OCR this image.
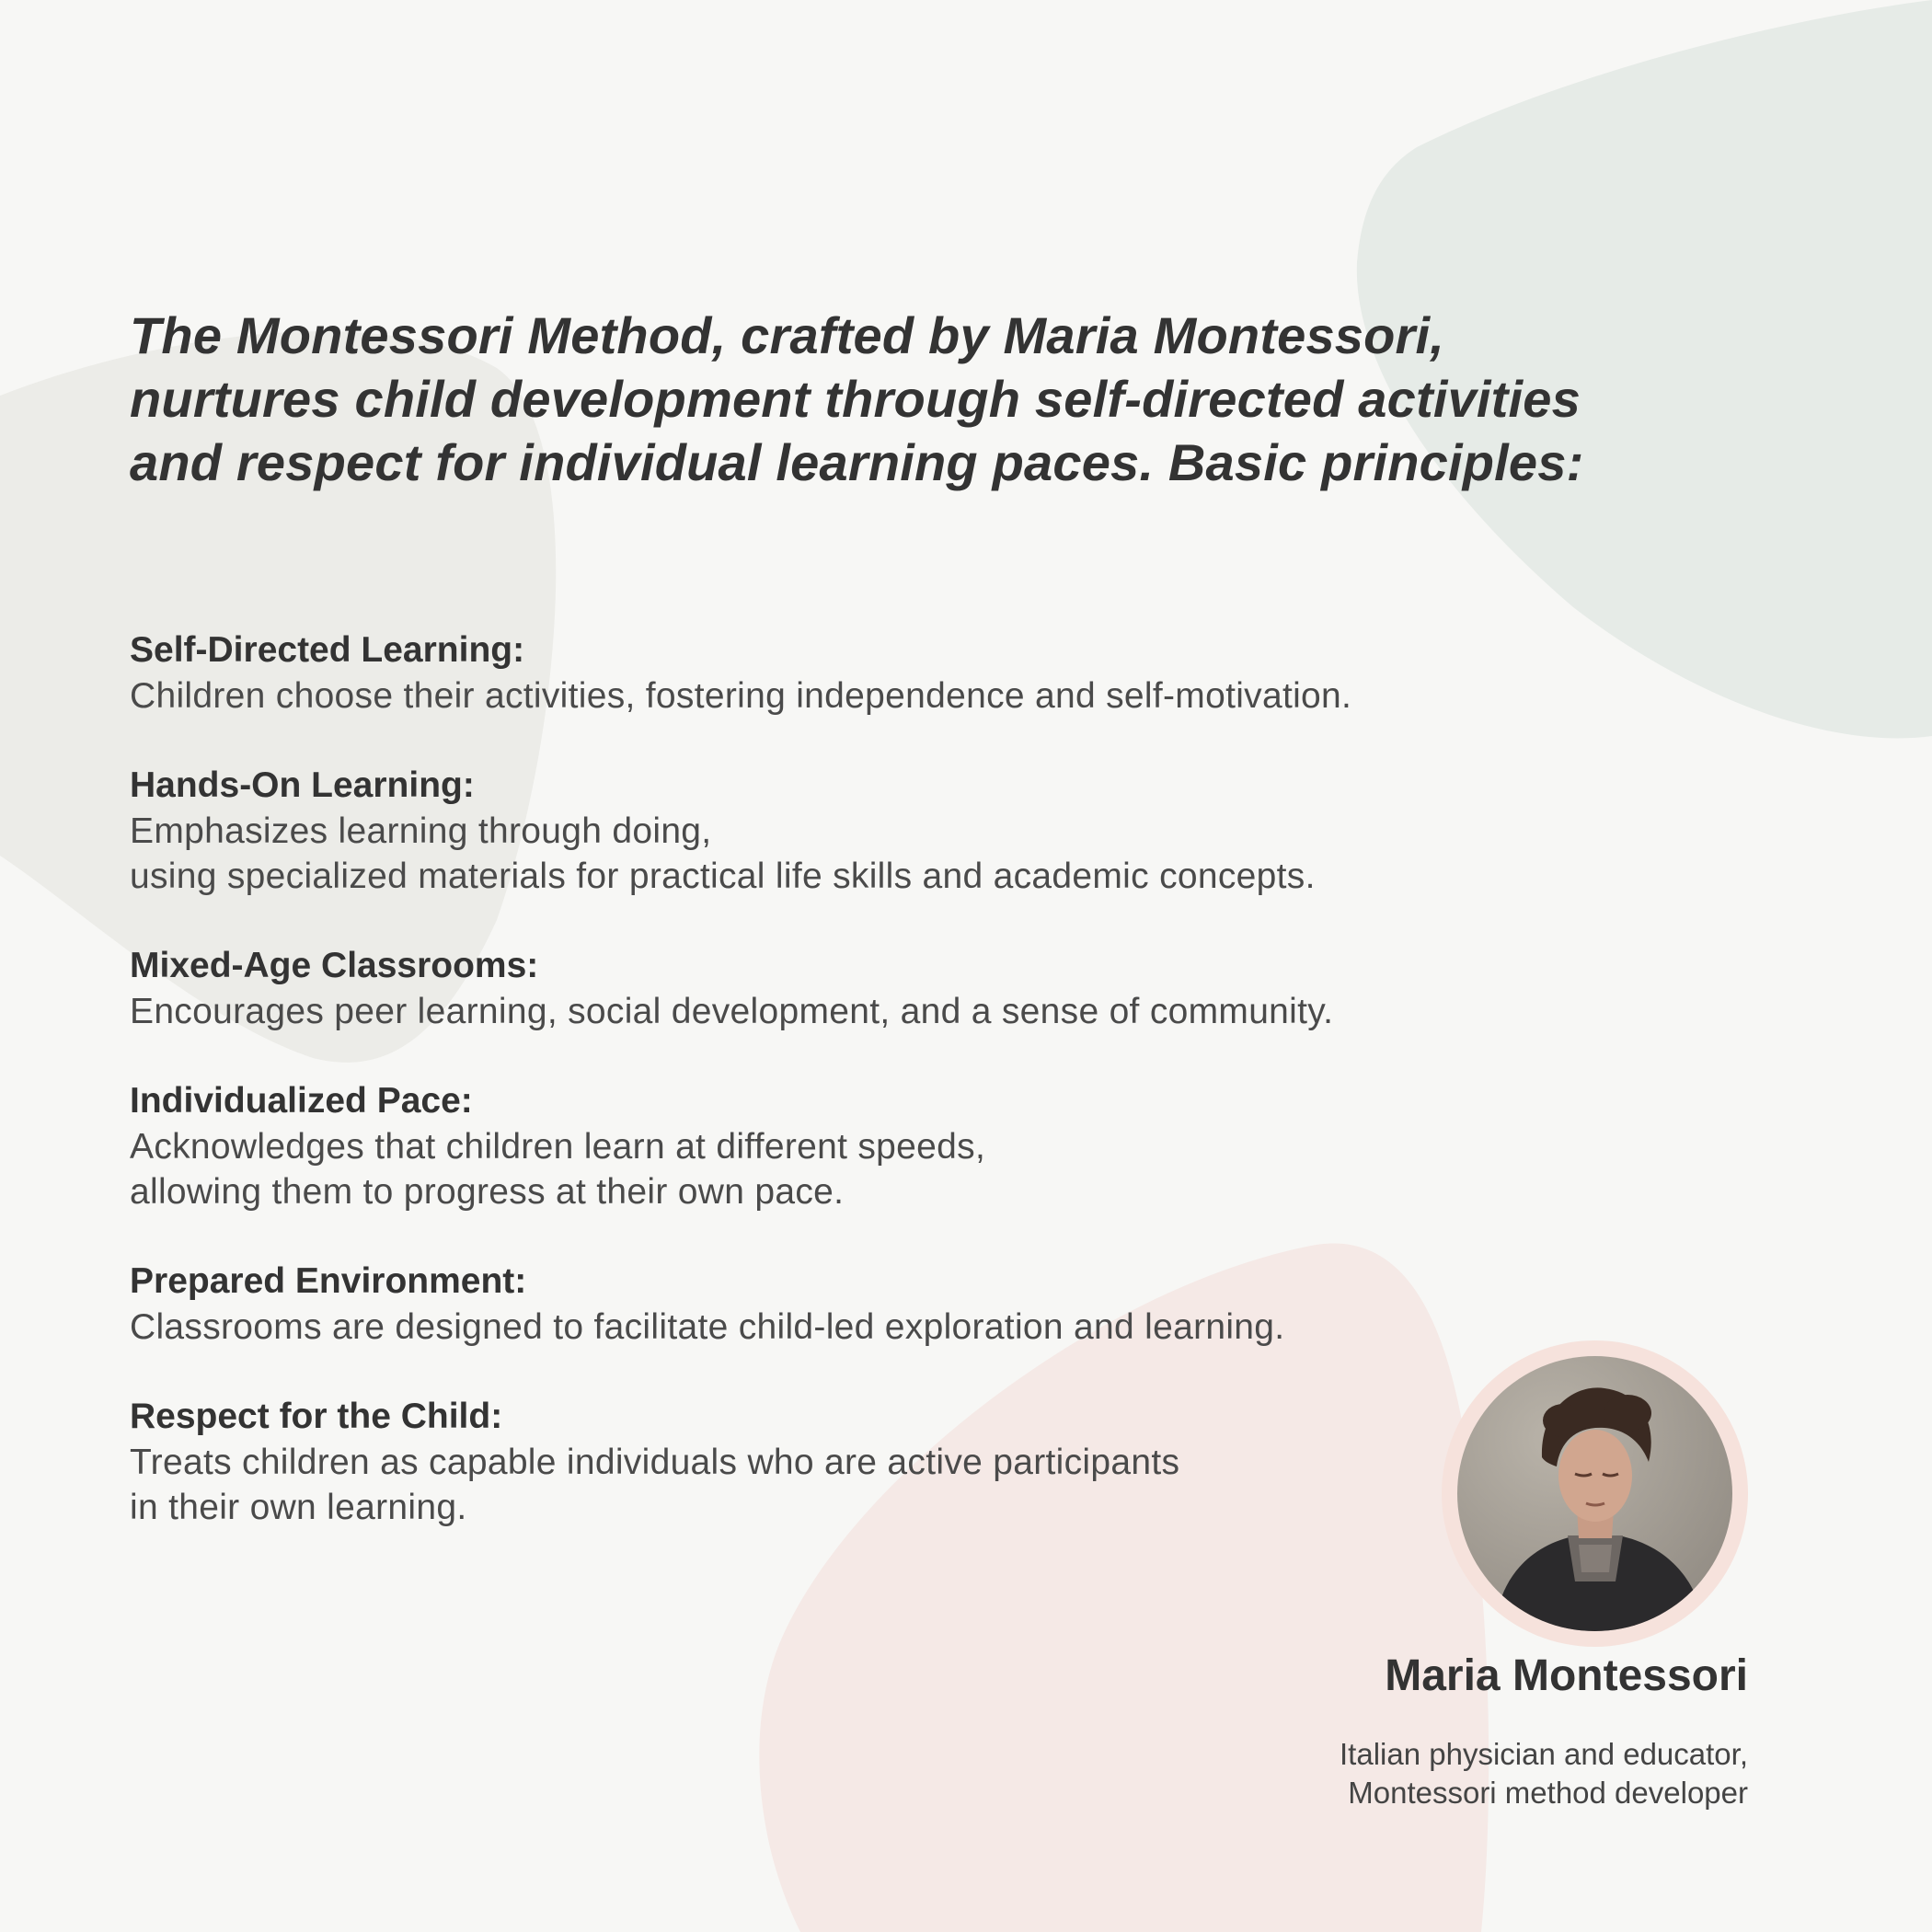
The Montessori Method, crafted by Maria Montessori,
nurtures child development through self-directed activities
and respect for individual learning paces. Basic principles:
Self-Directed Learning:
Children choose their activities, fostering independence and self-motivation.
Hands-On Learning:
Emphasizes learning through doing,
using specialized materials for practical life skills and academic concepts.
Mixed-Age Classrooms:
Encourages peer learning, social development, and a sense of community.
Individualized Pace:
Acknowledges that children learn at different speeds,
allowing them to progress at their own pace.
Prepared Environment:
Classrooms are designed to facilitate child-led exploration and learning.
Respect for the Child:
Treats children as capable individuals who are active participants
in their own learning.
Maria Montessori
Italian physician and educator,
Montessori method developer
